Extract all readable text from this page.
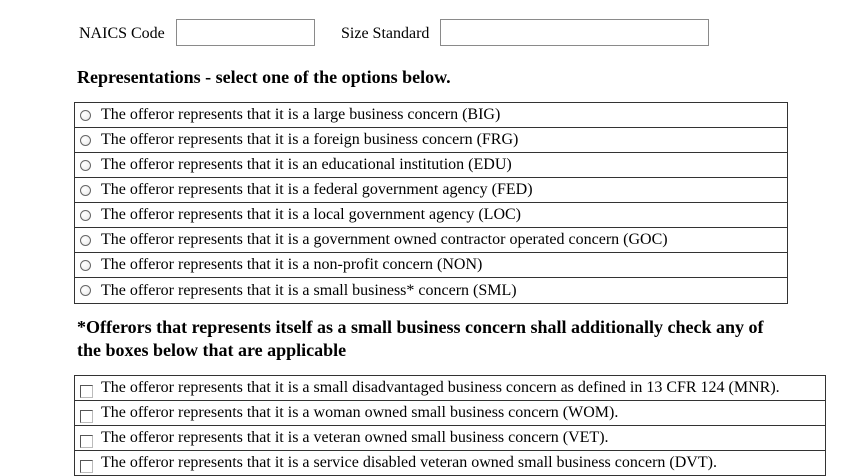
NAICS Code	Size Standard
Representations - select one of the options below.
The offeror represents that it is a large business concern (BIG)
The offeror represents that it is a foreign business concern (FRG)
The offeror represents that it is an educational institution (EDU)
The offeror represents that it is a federal government agency (FED)
The offeror represents that it is a local government agency (LOC)
The offeror represents that it is a government owned contractor operated concern (GOC)
The offeror represents that it is a non-profit concern (NON)
The offeror represents that it is a small business* concern (SML)
*Offerors that represents itself as a small business concern shall additionally check any of
the boxes below that are applicable
The offeror represents that it is a small disadvantaged business concern as defined in 13 CFR 124 (MNR).
The offeror represents that it is a woman owned small business concern (WOM).
The offeror represents that it is a veteran owned small business concern (VET).
The offeror represents that it is a service disabled veteran owned small business concern (DVT).
